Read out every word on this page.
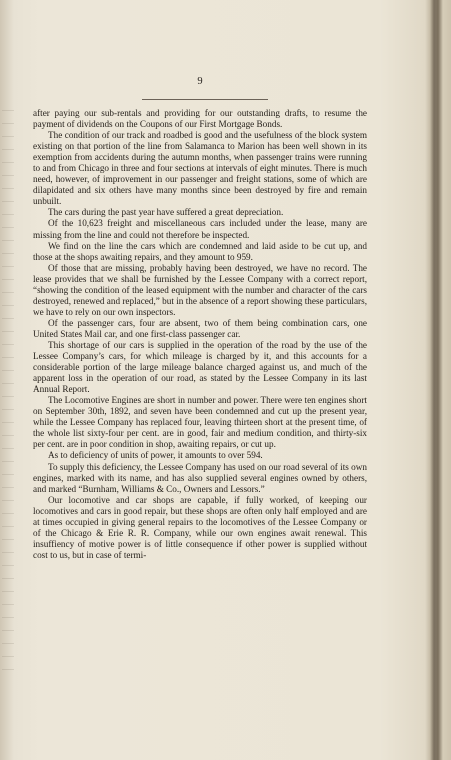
9

after paying our sub-rentals and providing for our outstanding drafts, to resume the payment of dividends on the Coupons of our First Mortgage Bonds.

The condition of our track and roadbed is good and the usefulness of the block system existing on that portion of the line from Salamanca to Marion has been well shown in its exemption from accidents during the autumn months, when passenger trains were running to and from Chicago in three and four sections at intervals of eight minutes. There is much need, however, of improvement in our passenger and freight stations, some of which are dilapidated and six others have many months since been destroyed by fire and remain unbuilt.

The cars during the past year have suffered a great depreciation.

Of the 10,623 freight and miscellaneous cars included under the lease, many are missing from the line and could not therefore be inspected.

We find on the line the cars which are condemned and laid aside to be cut up, and those at the shops awaiting repairs, and they amount to 959.

Of those that are missing, probably having been destroyed, we have no record. The lease provides that we shall be furnished by the Lessee Company with a correct report, “showing the condition of the leased equipment with the number and character of the cars destroyed, renewed and replaced,” but in the absence of a report showing these particulars, we have to rely on our own inspectors.

Of the passenger cars, four are absent, two of them being combination cars, one United States Mail car, and one first-class passenger car.

This shortage of our cars is supplied in the operation of the road by the use of the Lessee Company’s cars, for which mileage is charged by it, and this accounts for a considerable portion of the large mileage balance charged against us, and much of the apparent loss in the operation of our road, as stated by the Lessee Company in its last Annual Report.

The Locomotive Engines are short in number and power. There were ten engines short on September 30th, 1892, and seven have been condemned and cut up the present year, while the Lessee Company has replaced four, leaving thirteen short at the present time, of the whole list sixty-four per cent. are in good, fair and medium condition, and thirty-six per cent. are in poor condition in shop, awaiting repairs, or cut up.

As to deficiency of units of power, it amounts to over 594.

To supply this deficiency, the Lessee Company has used on our road several of its own engines, marked with its name, and has also supplied several engines owned by others, and marked “Burnham, Williams & Co., Owners and Lessors.”

Our locomotive and car shops are capable, if fully worked, of keeping our locomotives and cars in good repair, but these shops are often only half employed and are at times occupied in giving general repairs to the locomotives of the Lessee Company or of the Chicago & Erie R. R. Company, while our own engines await renewal. This insuffiency of motive power is of little consequence if other power is supplied without cost to us, but in case of termi-
